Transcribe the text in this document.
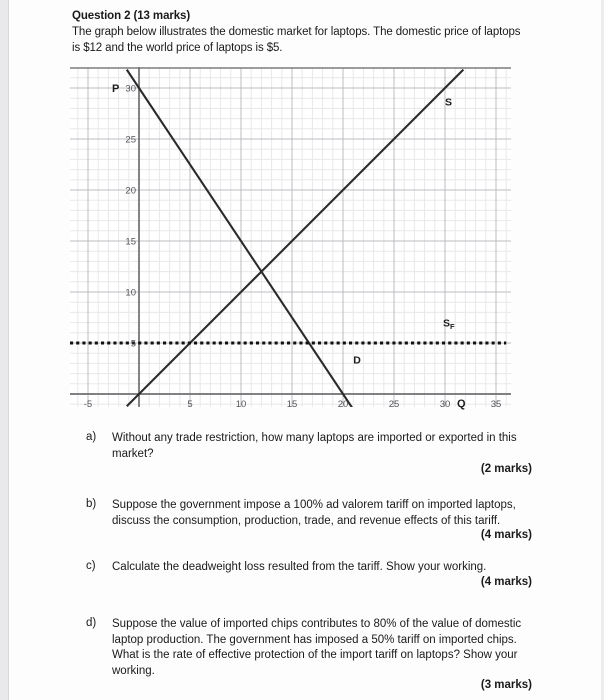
Question 2 (13 marks)
The graph below illustrates the domestic market for laptops. The domestic price of laptops is $12 and the world price of laptops is $5.
-5	5	10	15	20	25	30	35
5
10
15
20
25
30
P
Q
S
D
$S_F$
a)	Without any trade restriction, how many laptops are imported or exported in this market?
(2 marks)
b)	Suppose the government impose a 100% ad valorem tariff on imported laptops, discuss the consumption, production, trade, and revenue effects of this tariff.
(4 marks)
c)	Calculate the deadweight loss resulted from the tariff. Show your working.
(4 marks)
d)	Suppose the value of imported chips contributes to 80% of the value of domestic laptop production. The government has imposed a 50% tariff on imported chips. What is the rate of effective protection of the import tariff on laptops? Show your working.
(3 marks)
